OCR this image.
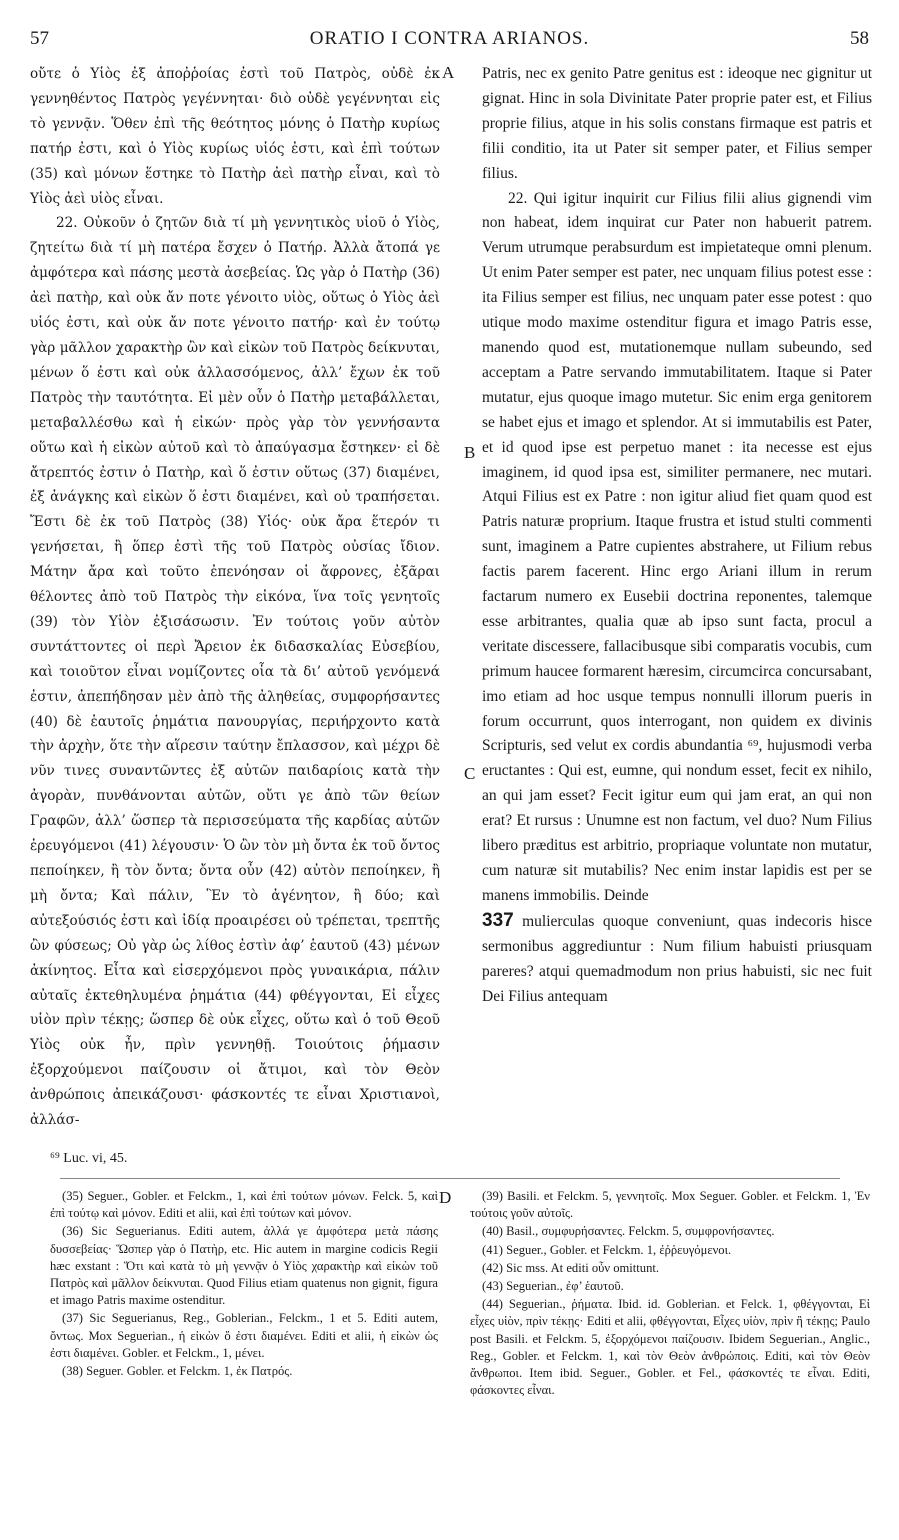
57	ORATIO I CONTRA ARIANOS.	58

οὔτε ὁ Υἱὸς ἐξ ἀποῤῥοίας ἐστὶ τοῦ Πατρὸς, οὐδὲ ἐκ γεννηθέντος Πατρὸς γεγέννηται· διὸ οὐδὲ γεγέννηται εἰς τὸ γεννᾷν. Ὅθεν ἐπὶ τῆς θεότητος μόνης ὁ Πατὴρ κυρίως πατήρ ἐστι, καὶ ὁ Υἱὸς κυρίως υἱός ἐστι, καὶ ἐπὶ τούτων (35) καὶ μόνων ἕστηκε τὸ Πατὴρ ἀεὶ πατὴρ εἶναι, καὶ τὸ Υἱὸς ἀεὶ υἱὸς εἶναι.

22. Οὐκοῦν ὁ ζητῶν διὰ τί μὴ γεννητικὸς υἱοῦ ὁ Υἱὸς, ζητείτω διὰ τί μὴ πατέρα ἔσχεν ὁ Πατήρ. Ἀλλὰ ἄτοπά γε ἀμφότερα καὶ πάσης μεστὰ ἀσεβείας. Ὡς γὰρ ὁ Πατὴρ (36) ἀεὶ πατὴρ, καὶ οὐκ ἄν ποτε γένοιτο υἱὸς, οὕτως ὁ Υἱὸς ἀεὶ υἱός ἐστι, καὶ οὐκ ἄν ποτε γένοιτο πατήρ· καὶ ἐν τούτῳ γὰρ μᾶλλον χαρακτὴρ ὢν καὶ εἰκὼν τοῦ Πατρὸς δείκνυται, μένων ὅ ἐστι καὶ οὐκ ἀλλασσόμενος, ἀλλ’ ἔχων ἐκ τοῦ Πατρὸς τὴν ταυτότητα. Εἰ μὲν οὖν ὁ Πατὴρ μεταβάλλεται, μεταβαλλέσθω καὶ ἡ εἰκών· πρὸς γὰρ τὸν γεννήσαντα οὕτω καὶ ἡ εἰκὼν αὐτοῦ καὶ τὸ ἀπαύγασμα ἔστηκεν· εἰ δὲ ἄτρεπτός ἐστιν ὁ Πατὴρ, καὶ ὅ ἐστιν οὕτως (37) διαμένει, ἐξ ἀνάγκης καὶ εἰκὼν ὅ ἐστι διαμένει, καὶ οὐ τραπήσεται. Ἔστι δὲ ἐκ τοῦ Πατρὸς (38) Υἱός· οὐκ ἄρα ἕτερόν τι γενήσεται, ἢ ὅπερ ἐστὶ τῆς τοῦ Πατρὸς οὐσίας ἴδιον. Μάτην ἄρα καὶ τοῦτο ἐπενόησαν οἱ ἄφρονες, ἐξᾶραι θέλοντες ἀπὸ τοῦ Πατρὸς τὴν εἰκόνα, ἵνα τοῖς γενητοῖς (39) τὸν Υἱὸν ἐξισάσωσιν. Ἐν τούτοις γοῦν αὐτὸν συντάττοντες οἱ περὶ Ἄρειον ἐκ διδασκαλίας Εὐσεβίου, καὶ τοιοῦτον εἶναι νομίζοντες οἷα τὰ δι’ αὐτοῦ γενόμενά ἐστιν, ἀπεπήδησαν μὲν ἀπὸ τῆς ἀληθείας, συμφορήσαντες (40) δὲ ἑαυτοῖς ῥημάτια πανουργίας, περιήρχοντο κατὰ τὴν ἀρχὴν, ὅτε τὴν αἵρεσιν ταύτην ἔπλασσον, καὶ μέχρι δὲ νῦν τινες συναντῶντες ἐξ αὐτῶν παιδαρίοις κατὰ τὴν ἀγορὰν, πυνθάνονται αὐτῶν, οὔτι γε ἀπὸ τῶν θείων Γραφῶν, ἀλλ’ ὥσπερ τὰ περισσεύματα τῆς καρδίας αὐτῶν ἐρευγόμενοι (41) λέγουσιν· Ὁ ὢν τὸν μὴ ὄντα ἐκ τοῦ ὄντος πεποίηκεν, ἢ τὸν ὄντα; ὄντα οὖν (42) αὐτὸν πεποίηκεν, ἢ μὴ ὄντα; Καὶ πάλιν, Ἓν τὸ ἀγένητον, ἢ δύο; καὶ αὐτεξούσιός ἐστι καὶ ἰδίᾳ προαιρέσει οὐ τρέπεται, τρεπτῆς ὢν φύσεως; Οὐ γὰρ ὡς λίθος ἐστὶν ἀφ’ ἑαυτοῦ (43) μένων ἀκίνητος. Εἶτα καὶ εἰσερχόμενοι πρὸς γυναικάρια, πάλιν αὐταῖς ἐκτεθηλυμένα ῥημάτια (44) φθέγγονται, Εἰ εἶχες υἱὸν πρὶν τέκῃς; ὥσπερ δὲ οὐκ εἶχες, οὕτω καὶ ὁ τοῦ Θεοῦ Υἱὸς οὐκ ἦν, πρὶν γεννηθῇ. Τοιούτοις ῥήμασιν ἐξορχούμενοι παίζουσιν οἱ ἄτιμοι, καὶ τὸν Θεὸν ἀνθρώποις ἀπεικάζουσι· φάσκοντές τε εἶναι Χριστιανοὶ, ἀλλάσ-

A
B
C
D

Patris, nec ex genito Patre genitus est : ideoque nec gignitur ut gignat. Hinc in sola Divinitate Pater proprie pater est, et Filius proprie filius, atque in his solis constans firmaque est patris et filii conditio, ita ut Pater sit semper pater, et Filius semper filius.

22. Qui igitur inquirit cur Filius filii alius gignendi vim non habeat, idem inquirat cur Pater non habuerit patrem. Verum utrumque perabsurdum est impietateque omni plenum. Ut enim Pater semper est pater, nec unquam filius potest esse : ita Filius semper est filius, nec unquam pater esse potest : quo utique modo maxime ostenditur figura et imago Patris esse, manendo quod est, mutationemque nullam subeundo, sed acceptam a Patre servando immutabilitatem. Itaque si Pater mutatur, ejus quoque imago mutetur. Sic enim erga genitorem se habet ejus et imago et splendor. At si immutabilis est Pater, et id quod ipse est perpetuo manet : ita necesse est ejus imaginem, id quod ipsa est, similiter permanere, nec mutari. Atqui Filius est ex Patre : non igitur aliud fiet quam quod est Patris naturæ proprium. Itaque frustra et istud stulti commenti sunt, imaginem a Patre cupientes abstrahere, ut Filium rebus factis parem facerent. Hinc ergo Ariani illum in rerum factarum numero ex Eusebii doctrina reponentes, talemque esse arbitrantes, qualia quæ ab ipso sunt facta, procul a veritate discessere, fallacibusque sibi comparatis vocubis, cum primum haucee formarent hæresim, circumcirca concursabant, imo etiam ad hoc usque tempus nonnulli illorum pueris in forum occurrunt, quos interrogant, non quidem ex divinis Scripturis, sed velut ex cordis abundantia ⁶⁹, hujusmodi verba eructantes : Qui est, eumne, qui nondum esset, fecit ex nihilo, an qui jam esset? Fecit igitur eum qui jam erat, an qui non erat? Et rursus : Unumne est non factum, vel duo? Num Filius libero præditus est arbitrio, propriaque voluntate non mutatur, cum naturæ sit mutabilis? Nec enim instar lapidis est per se manens immobilis. Deinde

337 mulierculas quoque conveniunt, quas indecoris hisce sermonibus aggrediuntur : Num filium habuisti priusquam pareres? atqui quemadmodum non prius habuisti, sic nec fuit Dei Filius antequam

⁶⁹ Luc. vi, 45.

(35) Seguer., Gobler. et Felckm., 1, καὶ ἐπὶ τούτων μόνων. Felck. 5, καὶ ἐπὶ τούτῳ καὶ μόνον. Editi et alii, καὶ ἐπὶ τούτων καὶ μόνον.

(36) Sic Seguerianus. Editi autem, ἀλλά γε ἀμφότερα μετὰ πάσης δυσσεβείας· Ὥσπερ γὰρ ὁ Πατὴρ, etc. Hic autem in margine codicis Regii hæc exstant : Ὅτι καὶ κατὰ τὸ μὴ γεννᾷν ὁ Υἱὸς χαρακτὴρ καὶ εἰκὼν τοῦ Πατρὸς καὶ μᾶλλον δείκνυται. Quod Filius etiam quatenus non gignit, figura et imago Patris maxime ostenditur.

(37) Sic Seguerianus, Reg., Goblerian., Felckm., 1 et 5. Editi autem, ὄντως. Mox Seguerian., ἡ εἰκὼν ὅ ἐστι διαμένει. Editi et alii, ἡ εἰκὼν ὡς ἐστι διαμένει. Gobler. et Felckm., 1, μένει.

(38) Seguer. Gobler. et Felckm. 1, ἐκ Πατρός.

(39) Basili. et Felckm. 5, γεννητοῖς. Mox Seguer. Gobler. et Felckm. 1, Ἐν τούτοις γοῦν αὐτοῖς.

(40) Basil., συμφυρήσαντες. Felckm. 5, συμφρονήσαντες.

(41) Seguer., Gobler. et Felckm. 1, ἐῤῥευγόμενοι.

(42) Sic mss. At editi οὖν omittunt.

(43) Seguerian., ἐφ’ ἑαυτοῦ.

(44) Seguerian., ῥήματα. Ibid. id. Goblerian. et Felck. 1, φθέγγονται, Εἰ εἶχες υἱὸν, πρὶν τέκῃς· Editi et alii, φθέγγονται, Εἶχες υἱὸν, πρὶν ἢ τέκῃς; Paulo post Basili. et Felckm. 5, ἐξορχόμενοι παίζουσιν. Ibidem Seguerian., Anglic., Reg., Gobler. et Felckm. 1, καὶ τὸν Θεὸν ἀνθρώποις. Editi, καὶ τὸν Θεὸν ἄνθρωποι. Item ibid. Seguer., Gobler. et Fel., φάσκοντές τε εἶναι. Editi, φάσκοντες εἶναι.
